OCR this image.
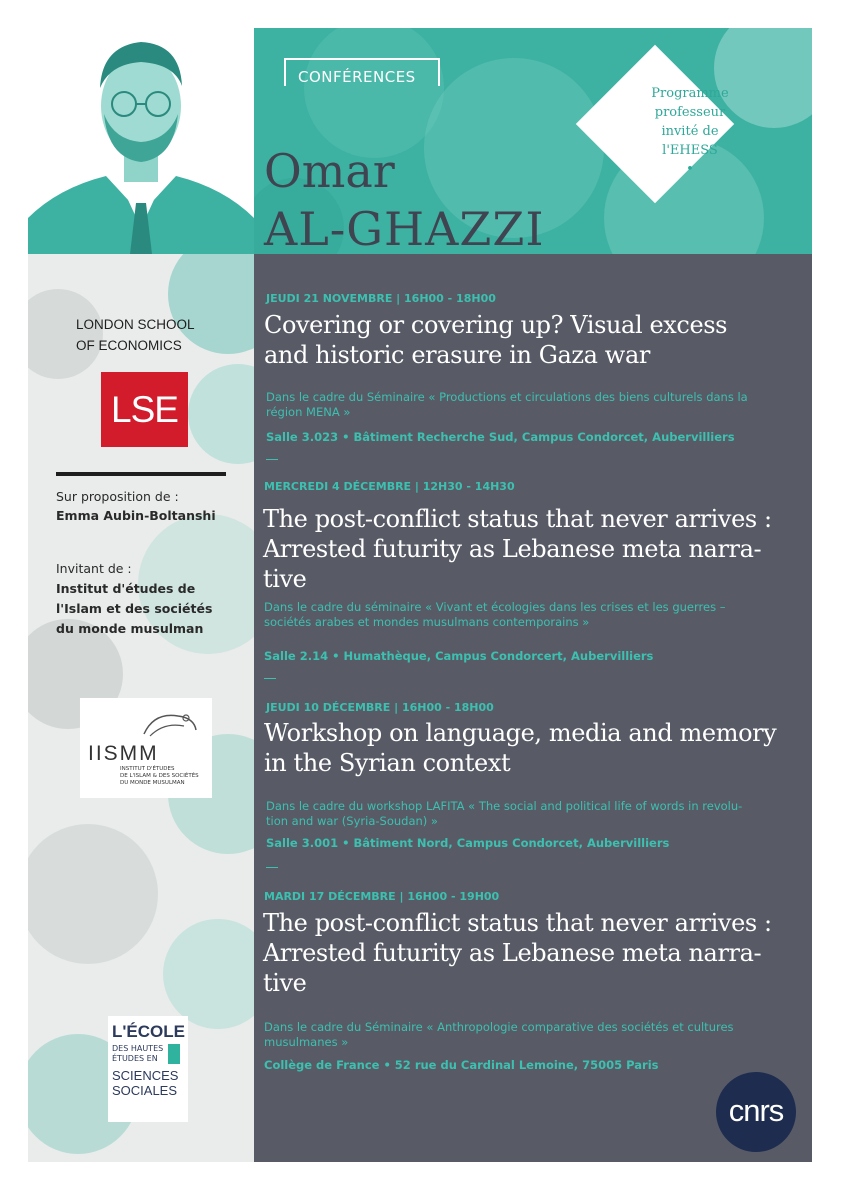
CONFÉRENCES
Omar
AL-GHAZZI
Programme
professeur
invité de
l'EHESS
•
LONDON SCHOOL
OF ECONOMICS
LSE
Sur proposition de :
Emma Aubin-Boltanshi
Invitant de :
Institut d'études de
l'Islam et des sociétés
du monde musulman
IISMM
INSTITUT D'ÉTUDES
DE L'ISLAM & DES SOCIÉTÉS
DU MONDE MUSULMAN
L'ÉCOLE
DES HAUTES
ÉTUDES EN
SCIENCES
SOCIALES
JEUDI 21 NOVEMBRE | 16H00 - 18H00
Covering or covering up? Visual excess
and historic erasure in Gaza war
Dans le cadre du Séminaire « Productions et circulations des biens culturels dans la
région MENA »
Salle 3.023 • Bâtiment Recherche Sud, Campus Condorcet, Aubervilliers
MERCREDI 4 DÉCEMBRE | 12H30 - 14H30
The post-conflict status that never arrives :
Arrested futurity as Lebanese meta narra-
tive
Dans le cadre du séminaire « Vivant et écologies dans les crises et les guerres –
sociétés arabes et mondes musulmans contemporains »
Salle 2.14 • Humathèque, Campus Condorcert, Aubervilliers
JEUDI 10 DÉCEMBRE | 16H00 - 18H00
Workshop on language, media and memory
in the Syrian context
Dans le cadre du workshop LAFITA « The social and political life of words in revolu-
tion and war (Syria-Soudan) »
Salle 3.001 • Bâtiment Nord, Campus Condorcet, Aubervilliers
MARDI 17 DÉCEMBRE | 16H00 - 19H00
The post-conflict status that never arrives :
Arrested futurity as Lebanese meta narra-
tive
Dans le cadre du Séminaire « Anthropologie comparative des sociétés et cultures
musulmanes »
Collège de France • 52 rue du Cardinal Lemoine, 75005 Paris
cnrs
